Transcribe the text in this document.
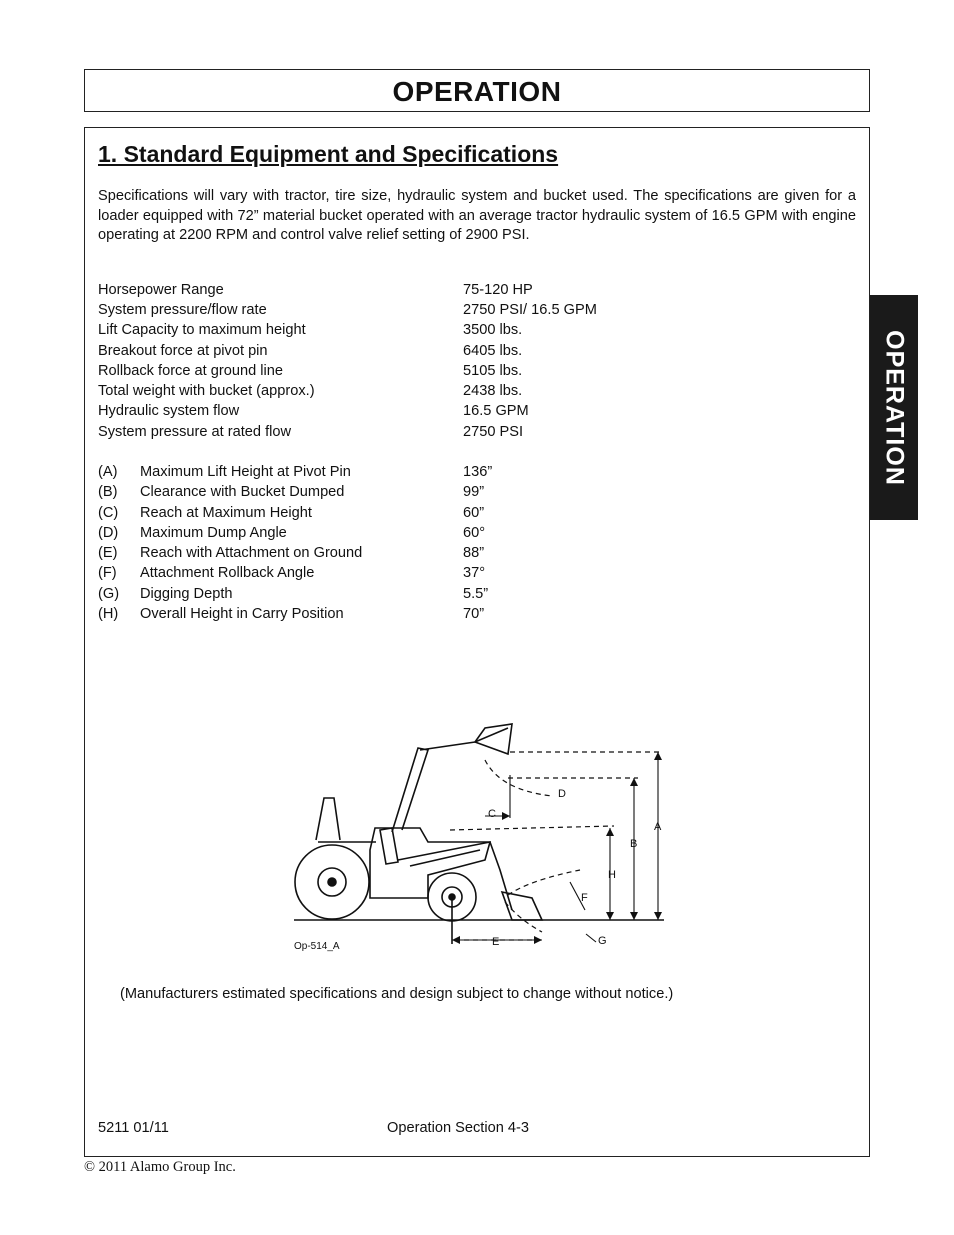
OPERATION
OPERATION
1. Standard Equipment and Specifications
Specifications will vary with tractor, tire size, hydraulic system and bucket used. The specifications are given for a loader equipped with 72” material bucket operated with an average tractor hydraulic system of 16.5 GPM with engine operating at 2200 RPM and control valve relief setting of 2900 PSI.
Horsepower Range	75-120 HP
System pressure/flow rate	2750 PSI/ 16.5 GPM
Lift Capacity to maximum height	3500 lbs.
Breakout force at pivot pin	6405 lbs.
Rollback force at ground line	5105 lbs.
Total weight with bucket (approx.)	2438 lbs.
Hydraulic system flow	16.5 GPM
System pressure at rated flow	2750 PSI
(A) Maximum Lift Height at Pivot Pin	136”
(B) Clearance with Bucket Dumped	99”
(C) Reach at Maximum Height	60”
(D) Maximum Dump Angle	60°
(E) Reach with Attachment on Ground	88”
(F) Attachment Rollback Angle	37°
(G) Digging Depth	5.5”
(H) Overall Height in Carry Position	70”
A
B
C
D
E
F
G
H
Op-514_A
(Manufacturers estimated specifications and design subject to change without notice.)
5211 01/11	Operation Section 4-3
© 2011 Alamo Group Inc.
